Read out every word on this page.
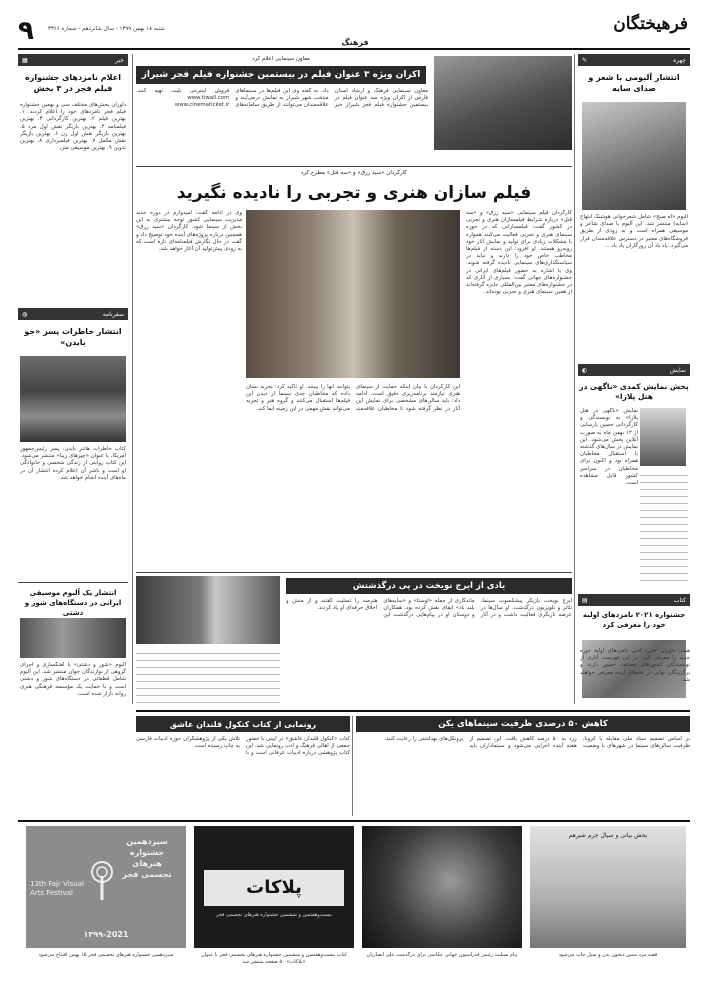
۹	شنبه ۱۸ بهمن ۱۳۹۹ - سال شانزدهم - شماره ۳۳۶۶
فرهنگ
فرهیختگان
چهره
✎
انتشار آلبومی با شعر و صدای سایه
آلبوم «آه صبح» شامل شعرخوانی هوشنگ ابتهاج (سایه) منتشر شد. این آلبوم با صدای شاعر و موسیقی همراه است و به زودی از طریق فروشگاه‌های معتبر در دسترس علاقه‌مندان قرار می‌گیرد. یاد باد آن روزگاران یاد باد ...
نمایش
◐
پخش نمایش کمدی «ناگهی در هتل پلازا»
نمایش «ناگهی در هتل پلازا» به نویسندگی و کارگردانی حسین پارسایی از ۱۴ بهمن ماه به صورت آنلاین پخش می‌شود. این نمایش در سال‌های گذشته با استقبال مخاطبان همراه بود و اکنون برای مخاطبان در سراسر کشور قابل مشاهده است.
کتاب
▤
جشنواره ۲۰۲۱ نامزدهای اولیه خود را معرفی کرد
هیئت داوران جایزه ادبی نامزدهای اولیه دوره جدید را معرفی کرد. در این فهرست آثاری از نویسندگان کشورهای مختلف حضور دارند و برگزیدگان نهایی در ماه‌های آینده معرفی خواهند شد.
خبر
▦
اعلام نامزدهای جشنواره فیلم فجر در ۳ بخش
داوران بخش‌های مختلف سی و نهمین جشنواره فیلم فجر نامزدهای خود را اعلام کردند. ۱. بهترین فیلم ۲. بهترین کارگردانی ۳. بهترین فیلمنامه ۴. بهترین بازیگر نقش اول مرد ۵. بهترین بازیگر نقش اول زن ۶. بهترین بازیگر نقش مکمل ۷. بهترین فیلمبرداری ۸. بهترین تدوین ۹. بهترین موسیقی متن
سفرنامه
◍
انتشار خاطرات پسر «جو بایدن»
کتاب خاطرات هانتر بایدن، پسر رئیس‌جمهور آمریکا، با عنوان «چیزهای زیبا» منتشر می‌شود. این کتاب روایتی از زندگی شخصی و خانوادگی او است و ناشر آن اعلام کرده انتشار آن در ماه‌های آینده انجام خواهد شد.
انتشار یک آلبوم موسیقی ایرانی در دستگاه‌های شور و دشتی
آلبوم «شور و دشتی» با آهنگسازی و اجرای گروهی از نوازندگان جوان منتشر شد. این آلبوم شامل قطعاتی در دستگاه‌های شور و دشتی است و با حمایت یک مؤسسه فرهنگی هنری روانه بازار شده است.
معاون سینمایی اعلام کرد
اکران ویژه ۳ عنوان فیلم در بیستمین جشنواره فیلم فجر شیراز
معاون سینمایی فرهنگ و ارشاد استان فارس از اکران ویژه سه عنوان فیلم در بیستمین جشنواره فیلم فجر شیراز خبر داد. به گفته وی این فیلم‌ها در سینماهای منتخب شهر شیراز به نمایش درمی‌آیند و علاقه‌مندان می‌توانند از طریق سامانه‌های فروش اینترنتی بلیت تهیه کنند. www.tiwall.com www.cinematicket.ir
کارگردان «سید رزق» و «سه قتل» مطرح کرد
فیلم سازان هنری و تجربی را نادیده نگیرید
کارگردان فیلم سینمایی «سید رزق» و «سه قتل» درباره شرایط فیلمسازان هنری و تجربی در کشور گفت: فیلمسازانی که در حوزه سینمای هنری و تجربی فعالیت می‌کنند همواره با مشکلات زیادی برای تولید و نمایش آثار خود روبه‌رو هستند. او افزود: این دسته از فیلم‌ها مخاطب خاص خود را دارند و نباید در سیاستگذاری‌های سینمایی نادیده گرفته شوند. وی با اشاره به حضور فیلم‌های ایرانی در جشنواره‌های جهانی گفت: بسیاری از آثاری که در جشنواره‌های معتبر بین‌المللی جایزه گرفته‌اند از همین سینمای هنری و تجربی بوده‌اند.
وی در ادامه گفت: امیدوارم در دوره جدید مدیریت سینمایی کشور توجه بیشتری به این بخش از سینما شود. کارگردان «سید رزق» همچنین درباره پروژه‌های آینده خود توضیح داد و گفت در حال نگارش فیلمنامه‌ای تازه است که به زودی پیش‌تولید آن آغاز خواهد شد.
این کارگردان با بیان اینکه حمایت از سینمای هنری نیازمند برنامه‌ریزی دقیق است، ادامه داد: باید سالن‌های مشخصی برای نمایش این آثار در نظر گرفته شود تا مخاطبان علاقه‌مند بتوانند آنها را ببینند. او تأکید کرد: تجربه نشان داده که مخاطبان جدی سینما از دیدن این فیلم‌ها استقبال می‌کنند و گروه هنر و تجربه می‌تواند نقش مهمی در این زمینه ایفا کند.
یادی از ایرج نویخت در پی درگذشتش
ایرج نویخت بازیگر پیشکسوت سینما، تئاتر و تلویزیون درگذشت. او سال‌ها در عرصه بازیگری فعالیت داشت و در آثار ماندگاری از جمله «اوستا» و «سایه‌های بلند باد» ایفای نقش کرده بود. همکاران و دوستان او در پیام‌هایی درگذشت این هنرمند را تسلیت گفتند و از منش و اخلاق حرفه‌ای او یاد کردند.
کاهش ۵۰ درصدی ظرفیت سینماهای یکن
بر اساس تصمیم ستاد ملی مقابله با کرونا، ظرفیت سالن‌های سینما در شهرهای با وضعیت زرد به ۵۰ درصد کاهش یافت. این تصمیم از هفته آینده اجرایی می‌شود و سینماداران باید پروتکل‌های بهداشتی را رعایت کنند.
رونمایی از کتاب کنکول قلندان عاشق
کتاب «کنکول قلندان عاشق» در آیینی با حضور جمعی از اهالی فرهنگ و ادب رونمایی شد. این کتاب پژوهشی درباره ادبیات عرفانی است و با تلاش یکی از پژوهشگران حوزه ادبیات فارسی به چاپ رسیده است.
بخش بیانی و سیال جرم شیرهم
قصه مرد سنین دیجون بدن و سیل جاپ می‌شود
پیام تسلیت رئیس فدراسیون جهانی عکاسی برای درگذشت علی انصاریان
پلاکات
بیست‌وهفتمین و ششمین جشنواره هنرهای تجسمی فجر
کتاب بیست‌وهفتمین و ششمین جشنواره هنرهای تجسمی فجر با عنوان «پلاکات» ۵۰ صفحه منتشر شد
سیزدهمین جشنواره هنرهای تجسمی فجر
13th Fajr Visual Arts Festival
۱۳۹۹-2021
سیزدهمین جشنواره هنرهای تجسمی فجر ۱۵ بهمن افتتاح می‌شود
